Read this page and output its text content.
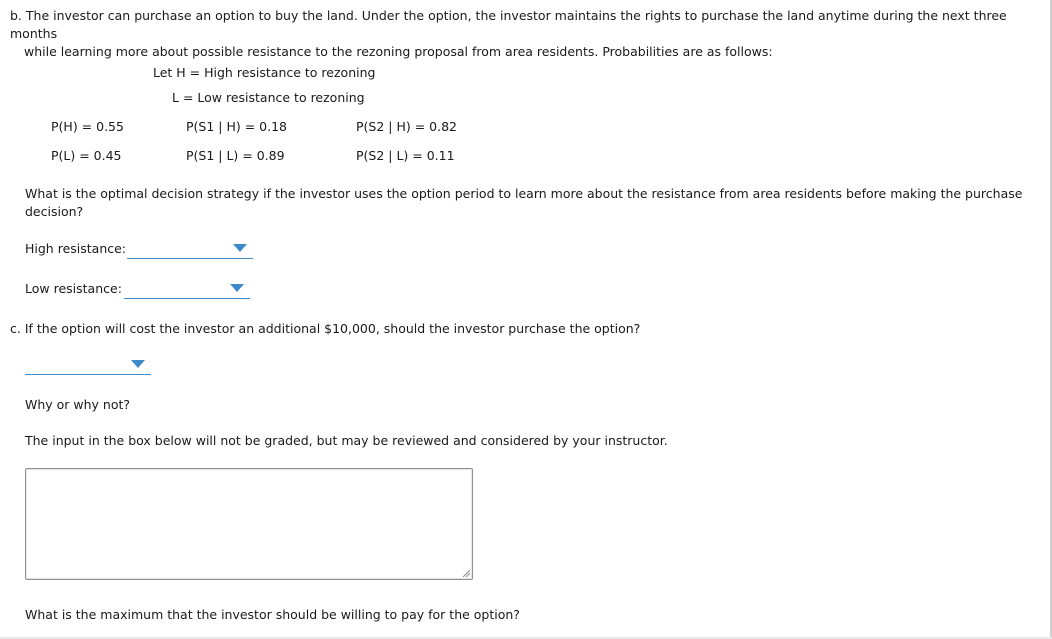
b. The investor can purchase an option to buy the land. Under the option, the investor maintains the rights to purchase the land anytime during the next three months
while learning more about possible resistance to the rezoning proposal from area residents. Probabilities are as follows:
Let H = High resistance to rezoning
L = Low resistance to rezoning
P(H) = 0.55
P(L) = 0.45
P(S1 | H) = 0.18
P(S1 | L) = 0.89
P(S2 | H) = 0.82
P(S2 | L) = 0.11
What is the optimal decision strategy if the investor uses the option period to learn more about the resistance from area residents before making the purchase decision?
High resistance:
Low resistance:
c. If the option will cost the investor an additional $10,000, should the investor purchase the option?
Why or why not?
The input in the box below will not be graded, but may be reviewed and considered by your instructor.
What is the maximum that the investor should be willing to pay for the option?
